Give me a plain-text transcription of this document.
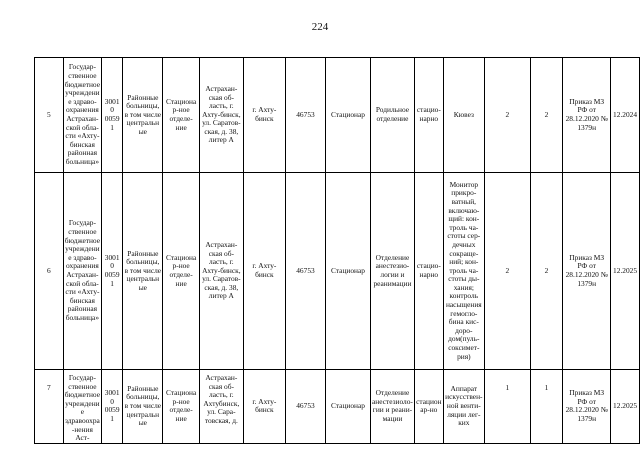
224
5	Государ-ственное бюджетное учреждение здраво-охранения Астрахан-ской обла-сти «Ахту-бинская районная больница»	30010 00591	Районные больницы, в том числе центральные	Стационар-ное отделе-ние	Астрахан-ская об-ласть, г. Ахту-бинск, ул. Саратов-ская, д. 38, литер А	г. Ахту-бинск	46753	Стационар	Родильное отделение	стацио-нарно	Кювез	2	2	Приказ МЗ РФ от 28.12.2020 № 1379н	12.2024
6	Государ-ственное бюджетное учреждение здраво-охранения Астрахан-ской обла-сти «Ахту-бинская районная больница»	30010 00591	Районные больницы, в том числе центральные	Стационар-ное отделе-ние	Астрахан-ская об-ласть, г. Ахту-бинск, ул. Саратов-ская, д. 38, литер А	г. Ахту-бинск	46753	Стационар	Отделение анестезио-логии и реанимации	стацио-нарно	Монитор прикро-ватный, включаю-щий: кон-троль ча-стоты сер-дечных сокраще-ний; кон-троль ча-стоты ды-хания; контроль насыщения гемогло-бина кис-доро-дом(пуль-соксимет-рия)	2	2	Приказ МЗ РФ от 28.12.2020 № 1379н	12.2025
7	Государ-ственное бюджетное учреждение здравоохра-нения Аст-	30010 00591	Районные больницы, в том числе центральные	Стационар-ное отделе-ние	Астрахан-ская об-ласть, г. Ахтубинск, ул. Сара-товская, д.	г. Ахту-бинск	46753	Стационар	Отделение анестезиоло-гии и реани-мации	стационар-но	Аппарат искусствен-ной венти-ляции лег-ких	1	1	Приказ МЗ РФ от 28.12.2020 № 1379н	12.2025
